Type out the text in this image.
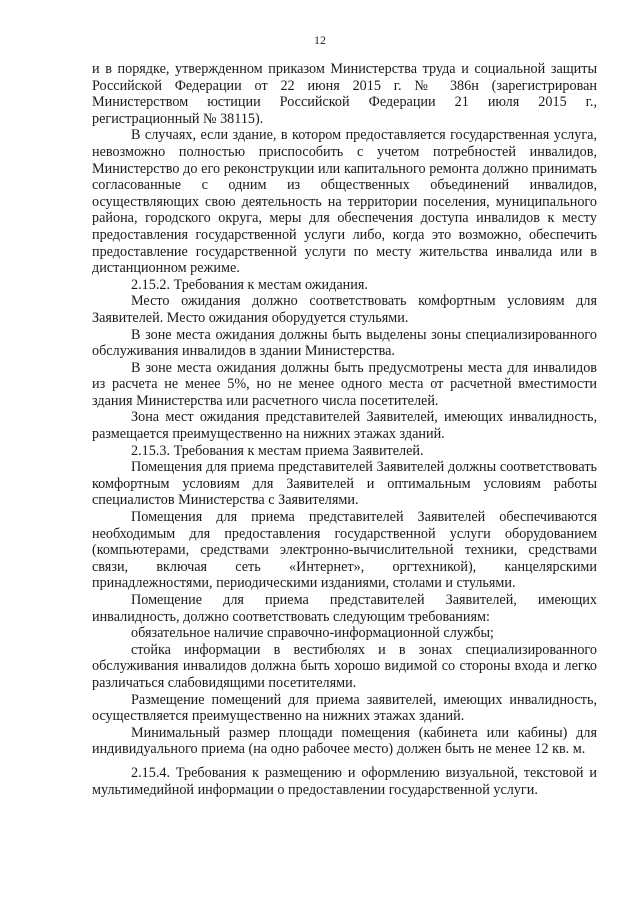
12

и в порядке, утвержденном приказом Министерства труда и социальной защиты Российской Федерации от 22 июня 2015 г. № 386н (зарегистрирован Министерством юстиции Российской Федерации 21 июля 2015 г., регистрационный № 38115).

В случаях, если здание, в котором предоставляется государственная услуга, невозможно полностью приспособить с учетом потребностей инвалидов, Министерство до его реконструкции или капитального ремонта должно принимать согласованные с одним из общественных объединений инвалидов, осуществляющих свою деятельность на территории поселения, муниципального района, городского округа, меры для обеспечения доступа инвалидов к месту предоставления государственной услуги либо, когда это возможно, обеспечить предоставление государственной услуги по месту жительства инвалида или в дистанционном режиме.

2.15.2. Требования к местам ожидания.

Место ожидания должно соответствовать комфортным условиям для Заявителей. Место ожидания оборудуется стульями.

В зоне места ожидания должны быть выделены зоны специализированного обслуживания инвалидов в здании Министерства.

В зоне места ожидания должны быть предусмотрены места для инвалидов из расчета не менее 5%, но не менее одного места от расчетной вместимости здания Министерства или расчетного числа посетителей.

Зона мест ожидания представителей Заявителей, имеющих инвалидность, размещается преимущественно на нижних этажах зданий.

2.15.3. Требования к местам приема Заявителей.

Помещения для приема представителей Заявителей должны соответствовать комфортным условиям для Заявителей и оптимальным условиям работы специалистов Министерства с Заявителями.

Помещения для приема представителей Заявителей обеспечиваются необходимым для предоставления государственной услуги оборудованием (компьютерами, средствами электронно-вычислительной техники, средствами связи, включая сеть «Интернет», оргтехникой), канцелярскими принадлежностями, периодическими изданиями, столами и стульями.

Помещение для приема представителей Заявителей, имеющих инвалидность, должно соответствовать следующим требованиям:

обязательное наличие справочно-информационной службы;

стойка информации в вестибюлях и в зонах специализированного обслуживания инвалидов должна быть хорошо видимой со стороны входа и легко различаться слабовидящими посетителями.

Размещение помещений для приема заявителей, имеющих инвалидность, осуществляется преимущественно на нижних этажах зданий.

Минимальный размер площади помещения (кабинета или кабины) для индивидуального приема (на одно рабочее место) должен быть не менее 12 кв. м.

2.15.4. Требования к размещению и оформлению визуальной, текстовой и мультимедийной информации о предоставлении государственной услуги.
